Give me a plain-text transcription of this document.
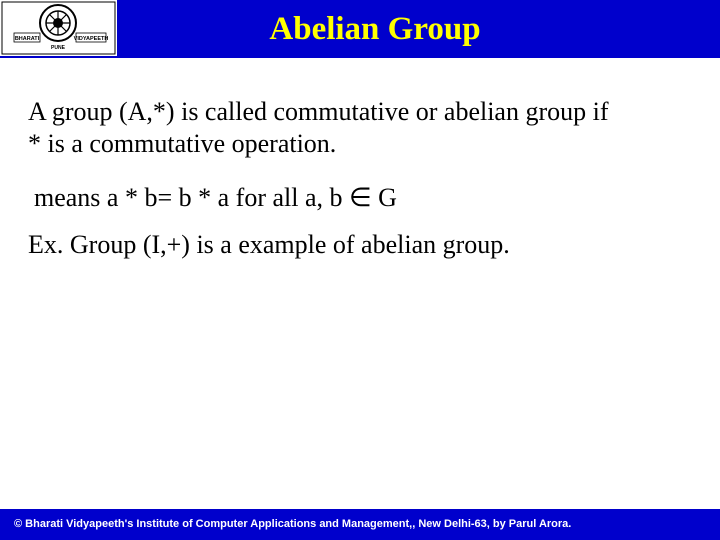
BHARATI	VIDYAPEETH
PUNE
Abelian Group
A group (A,*) is called commutative or abelian group if
* is a commutative operation.
means a * b= b * a for all a, b ∈ G
Ex. Group (I,+) is a example of abelian group.
© Bharati Vidyapeeth's Institute of Computer Applications and Management,, New Delhi-63, by Parul Arora.
